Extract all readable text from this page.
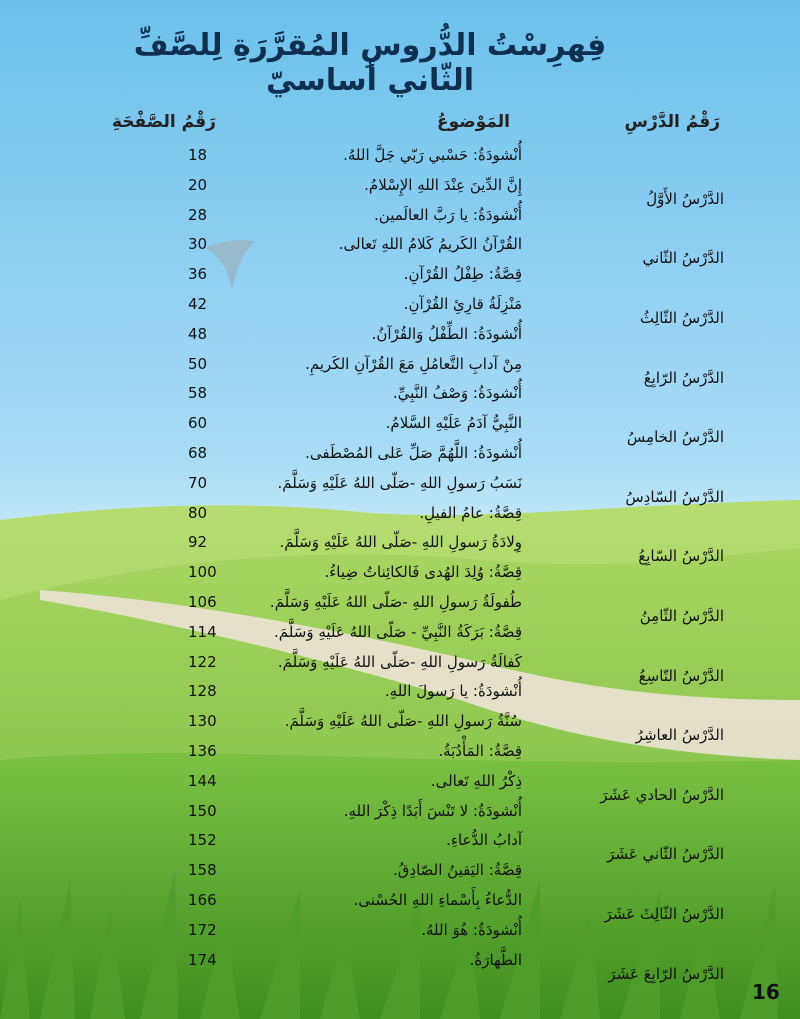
فِهرِسْتُ الدُّروسِ المُقرَّرَةِ لِلصَّفِّ الثّاني أساسيّ
رَقْمُ الدَّرْسِ
المَوْضوعُ
رَقْمُ الصَّفْحَةِ
أُنْشودَةُ: حَسْبي رَبّي جَلَّ اللهُ.
18
الدَّرْسُ الأَوَّلُ
إِنَّ الدِّينَ عِنْدَ اللهِ الإِسْلامُ.
20
أُنْشودَةُ: يا رَبَّ العالَمين.
28
الدَّرْسُ الثّاني
القُرْآنُ الكَريمُ كَلامُ اللهِ تَعالى.
30
قِصَّةُ: طِفْلُ القُرْآنِ.
36
الدَّرْسُ الثّالِثُ
مَنْزِلَةُ قارِئِ القُرْآنِ.
42
أُنْشودَةُ: الطِّفْلُ وَالقُرْآنُ.
48
الدَّرْسُ الرّابِعُ
مِنْ آدابِ التَّعامُلِ مَعَ القُرْآنِ الكَريمِ.
50
أُنْشودَةُ: وَصْفُ النَّبِيِّ.
58
الدَّرْسُ الخامِسُ
النَّبِيُّ آدَمُ عَلَيْهِ السَّلامُ.
60
أُنْشودَةُ: اللَّهُمَّ صَلِّ عَلى المُصْطَفى.
68
الدَّرْسُ السّادِسُ
نَسَبُ رَسولِ اللهِ -صَلّى اللهُ عَلَيْهِ وَسَلَّمَ.
70
قِصَّةُ: عامُ الفيلِ.
80
الدَّرْسُ السّابِعُ
وِلادَةُ رَسولِ اللهِ -صَلّى اللهُ عَلَيْهِ وَسَلَّمَ.
92
قِصَّةُ: وُلِدَ الهُدى فَالكائِناتُ ضِياءُ.
100
الدَّرْسُ الثّامِنُ
طُفولَةُ رَسولِ اللهِ -صَلّى اللهُ عَلَيْهِ وَسَلَّمَ.
106
قِصَّةُ: بَرَكَةُ النَّبِيِّ - صَلّى اللهُ عَلَيْهِ وَسَلَّمَ.
114
الدَّرْسُ التّاسِعُ
كَفالَةُ رَسولِ اللهِ -صَلّى اللهُ عَلَيْهِ وَسَلَّمَ.
122
أُنْشودَةُ: يا رَسولَ اللهِ.
128
الدَّرْسُ العاشِرُ
سُنَّةُ رَسولِ اللهِ -صَلّى اللهُ عَلَيْهِ وَسَلَّمَ.
130
قِصَّةُ: المَأْدُبَةُ.
136
الدَّرْسُ الحادي عَشَرَ
ذِكْرُ اللهِ تَعالى.
144
أُنْشودَةُ: لا تَنْسَ أَبَدًا ذِكْرَ اللهِ.
150
الدَّرْسُ الثّاني عَشَرَ
آدابُ الدُّعاءِ.
152
قِصَّةُ: اليَقينُ الصّادِقُ.
158
الدَّرْسُ الثّالِثَ عَشَرَ
الدُّعاءُ بِأَسْماءِ اللهِ الحُسْنى.
166
أُنْشودَةُ: هُوَ اللهُ.
172
الدَّرْسُ الرّابِعَ عَشَرَ
الطَّهارَةُ.
174
16
